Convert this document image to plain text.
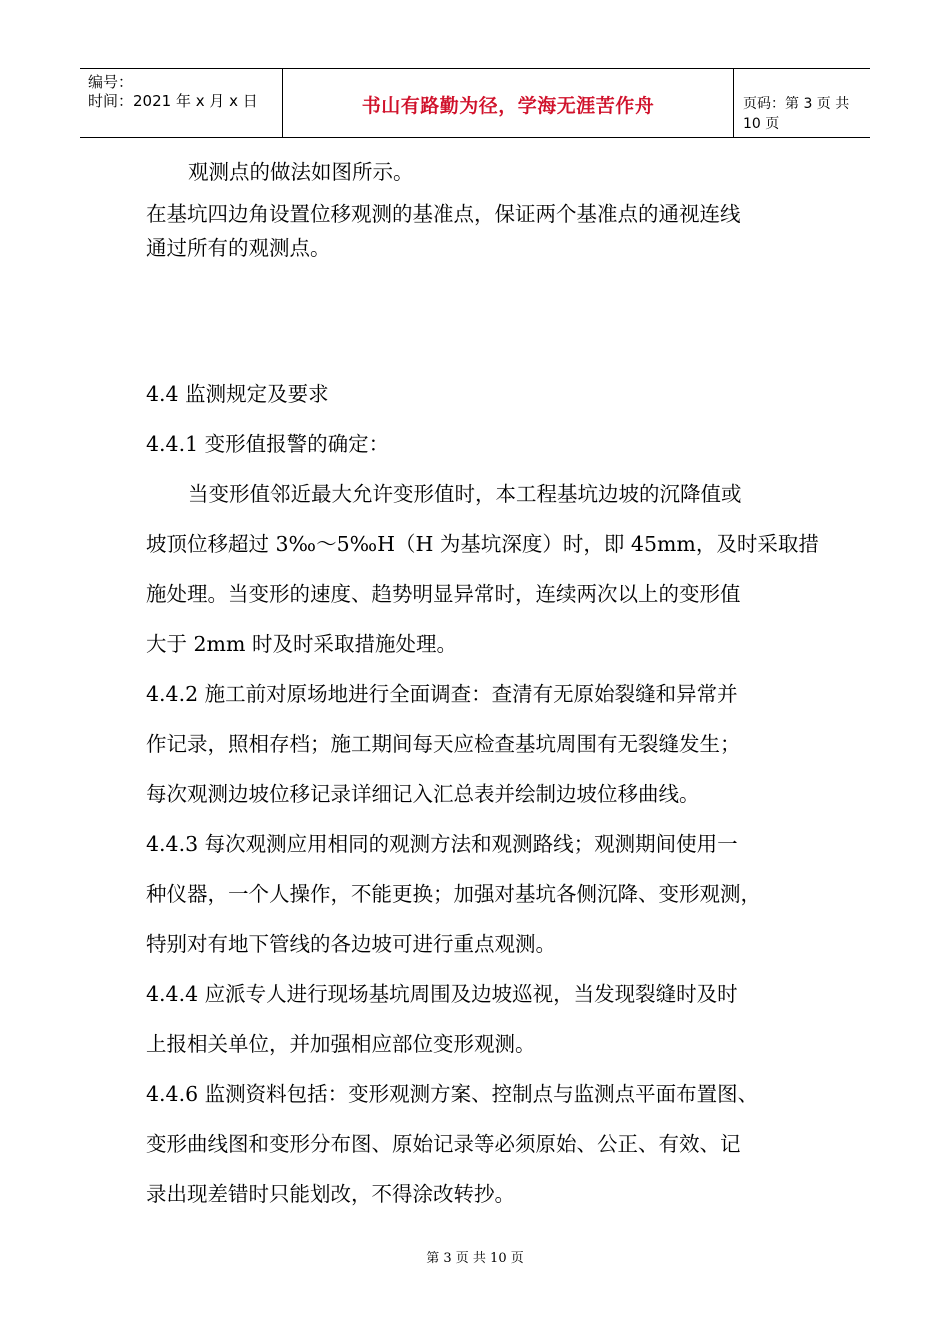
编号：
时间：2021 年 x 月 x 日	书山有路勤为径，学海无涯苦作舟	页码：第 3 页 共 10 页
观测点的做法如图所示。
在基坑四边角设置位移观测的基准点，保证两个基准点的通视连线
通过所有的观测点。
4.4 监测规定及要求
4.4.1 变形值报警的确定：
当变形值邻近最大允许变形值时，本工程基坑边坡的沉降值或
坡顶位移超过 3‰～5‰H（H 为基坑深度）时，即 45mm，及时采取措
施处理。当变形的速度、趋势明显异常时，连续两次以上的变形值
大于 2mm 时及时采取措施处理。
4.4.2 施工前对原场地进行全面调查：查清有无原始裂缝和异常并
作记录，照相存档；施工期间每天应检查基坑周围有无裂缝发生；
每次观测边坡位移记录详细记入汇总表并绘制边坡位移曲线。
4.4.3 每次观测应用相同的观测方法和观测路线；观测期间使用一
种仪器，一个人操作，不能更换；加强对基坑各侧沉降、变形观测，
特别对有地下管线的各边坡可进行重点观测。
4.4.4 应派专人进行现场基坑周围及边坡巡视，当发现裂缝时及时
上报相关单位，并加强相应部位变形观测。
4.4.6 监测资料包括：变形观测方案、控制点与监测点平面布置图、
变形曲线图和变形分布图、原始记录等必须原始、公正、有效、记
录出现差错时只能划改，不得涂改转抄。
第 3 页 共 10 页
